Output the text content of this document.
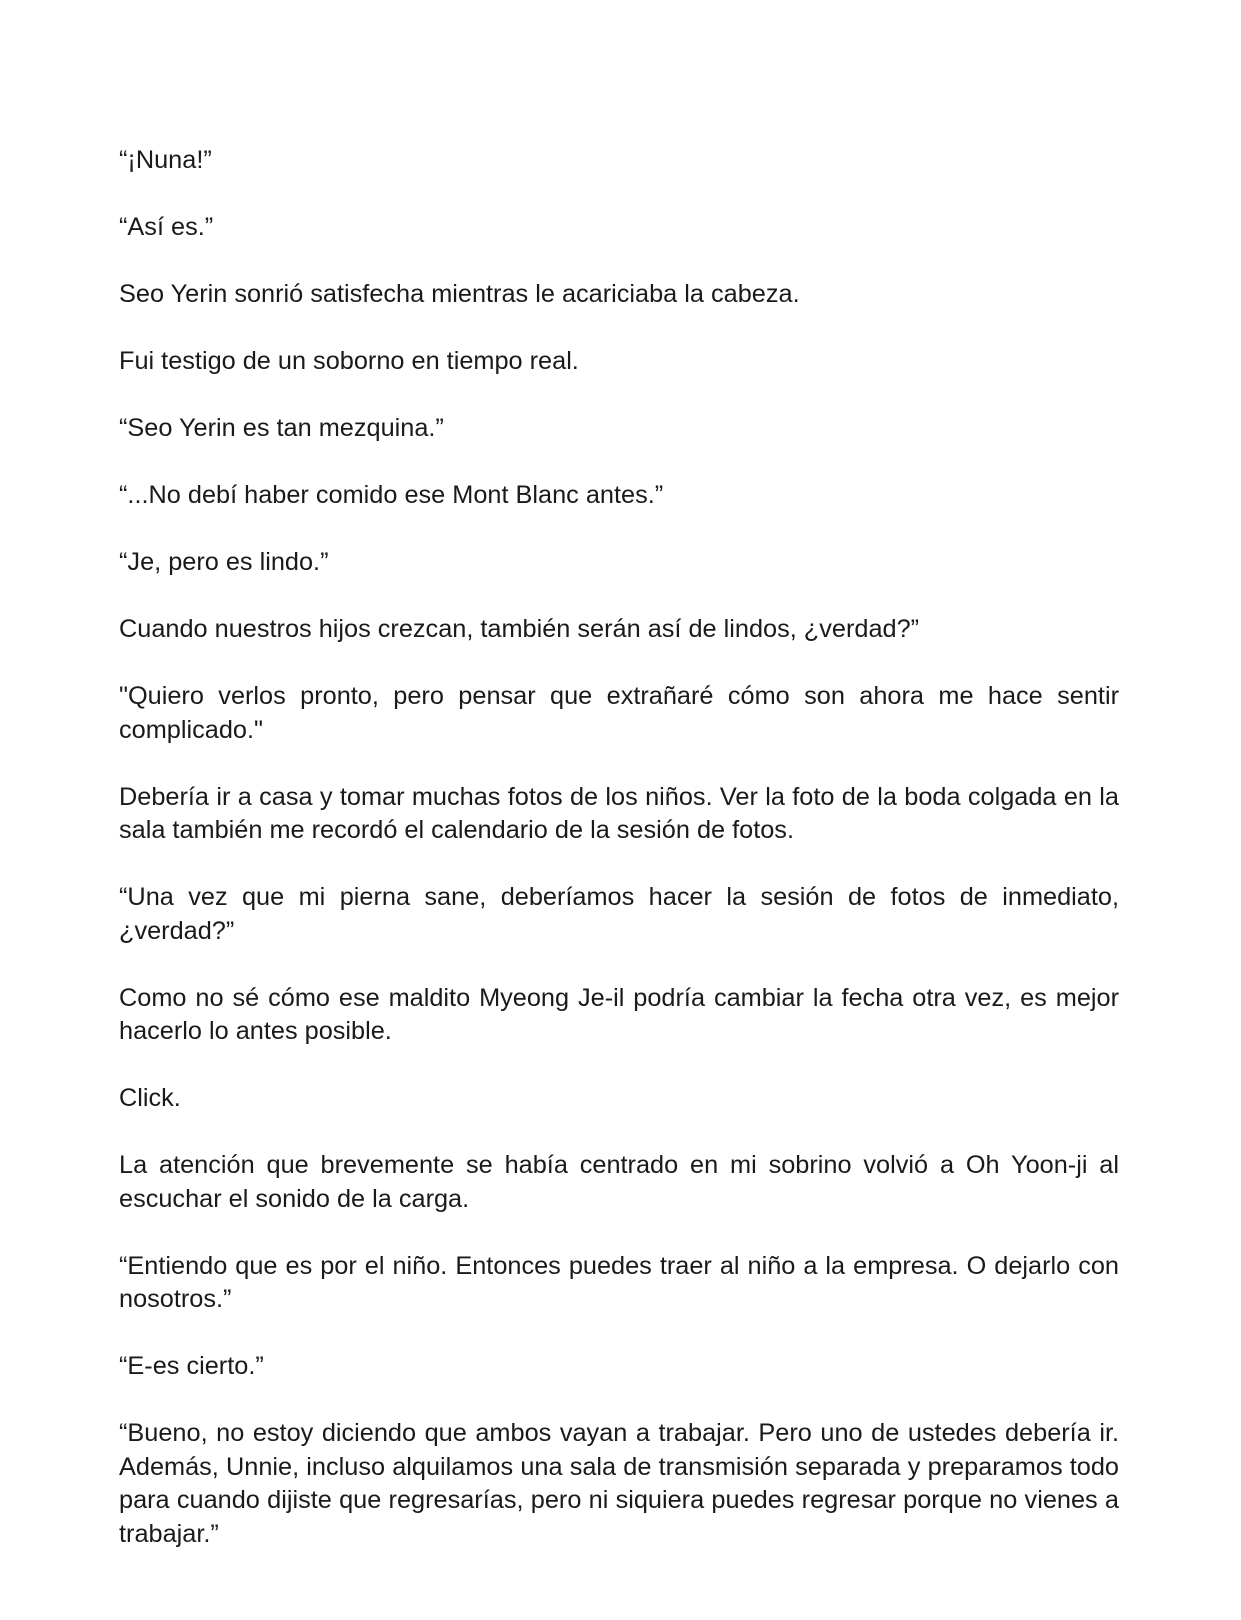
“¡Nuna!”

“Así es.”

Seo Yerin sonrió satisfecha mientras le acariciaba la cabeza.

Fui testigo de un soborno en tiempo real.

“Seo Yerin es tan mezquina.”

“...No debí haber comido ese Mont Blanc antes.”

“Je, pero es lindo.”

Cuando nuestros hijos crezcan, también serán así de lindos, ¿verdad?”

"Quiero verlos pronto, pero pensar que extrañaré cómo son ahora me hace sentir complicado."

Debería ir a casa y tomar muchas fotos de los niños. Ver la foto de la boda colgada en la sala también me recordó el calendario de la sesión de fotos.

“Una vez que mi pierna sane, deberíamos hacer la sesión de fotos de inmediato, ¿verdad?”

Como no sé cómo ese maldito Myeong Je-il podría cambiar la fecha otra vez, es mejor hacerlo lo antes posible.

Click.

La atención que brevemente se había centrado en mi sobrino volvió a Oh Yoon-ji al escuchar el sonido de la carga.

“Entiendo que es por el niño. Entonces puedes traer al niño a la empresa. O dejarlo con nosotros.”

“E-es cierto.”

“Bueno, no estoy diciendo que ambos vayan a trabajar. Pero uno de ustedes debería ir. Además, Unnie, incluso alquilamos una sala de transmisión separada y preparamos todo para cuando dijiste que regresarías, pero ni siquiera puedes regresar porque no vienes a trabajar.”
